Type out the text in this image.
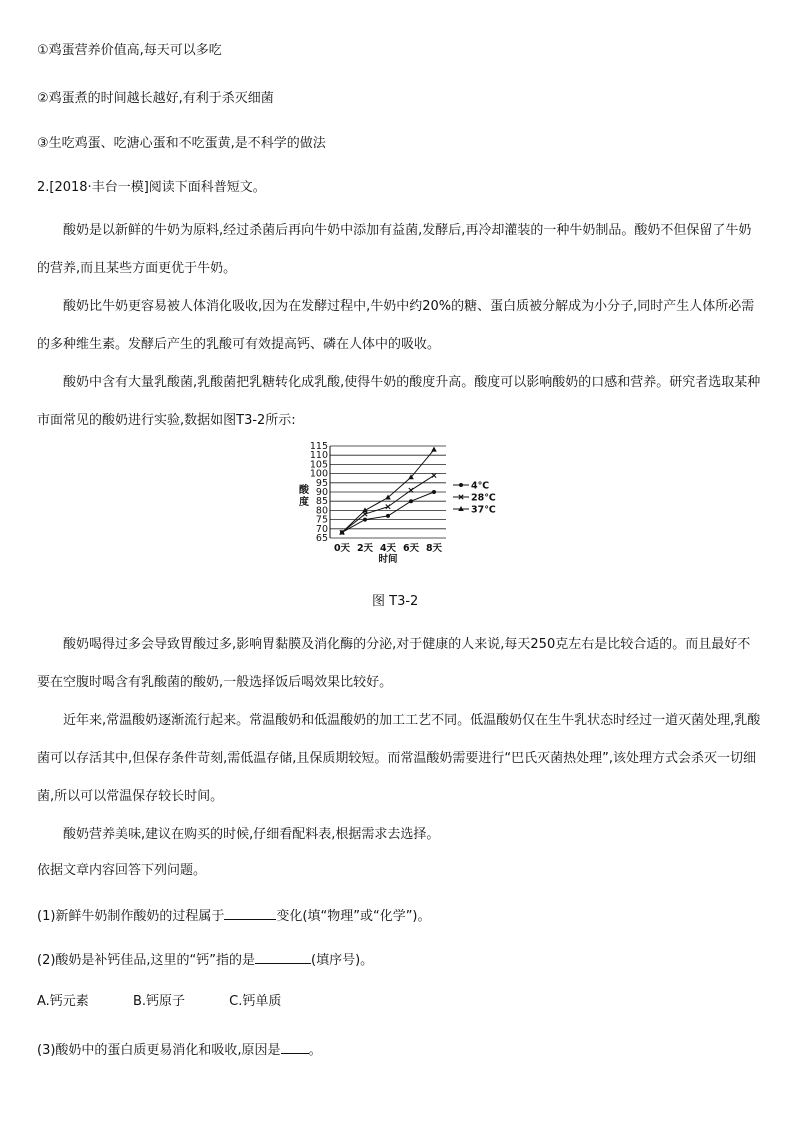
①鸡蛋营养价值高,每天可以多吃
②鸡蛋煮的时间越长越好,有利于杀灭细菌
③生吃鸡蛋、吃溏心蛋和不吃蛋黄,是不科学的做法
2.[2018·丰台一模]阅读下面科普短文。
酸奶是以新鲜的牛奶为原料,经过杀菌后再向牛奶中添加有益菌,发酵后,再冷却灌装的一种牛奶制品。酸奶不但保留了牛奶的营养,而且某些方面更优于牛奶。
酸奶比牛奶更容易被人体消化吸收,因为在发酵过程中,牛奶中约20%的糖、蛋白质被分解成为小分子,同时产生人体所必需的多种维生素。发酵后产生的乳酸可有效提高钙、磷在人体中的吸收。
酸奶中含有大量乳酸菌,乳酸菌把乳糖转化成乳酸,使得牛奶的酸度升高。酸度可以影响酸奶的口感和营养。研究者选取某种市面常见的酸奶进行实验,数据如图T3-2所示:
65
70
75
80
85
90
95
100
105
110
115
0天 2天 4天 6天 8天
时间
酸
度
4℃
28℃
37℃
图 T3-2
酸奶喝得过多会导致胃酸过多,影响胃黏膜及消化酶的分泌,对于健康的人来说,每天250克左右是比较合适的。而且最好不要在空腹时喝含有乳酸菌的酸奶,一般选择饭后喝效果比较好。
近年来,常温酸奶逐渐流行起来。常温酸奶和低温酸奶的加工工艺不同。低温酸奶仅在生牛乳状态时经过一道灭菌处理,乳酸菌可以存活其中,但保存条件苛刻,需低温存储,且保质期较短。而常温酸奶需要进行“巴氏灭菌热处理”,该处理方式会杀灭一切细菌,所以可以常温保存较长时间。
酸奶营养美味,建议在购买的时候,仔细看配料表,根据需求去选择。
依据文章内容回答下列问题。
(1)新鲜牛奶制作酸奶的过程属于	变化(填“物理”或“化学”)。
(2)酸奶是补钙佳品,这里的“钙”指的是	(填序号)。
A.钙元素	B.钙原子	C.钙单质
(3)酸奶中的蛋白质更易消化和吸收,原因是 。
